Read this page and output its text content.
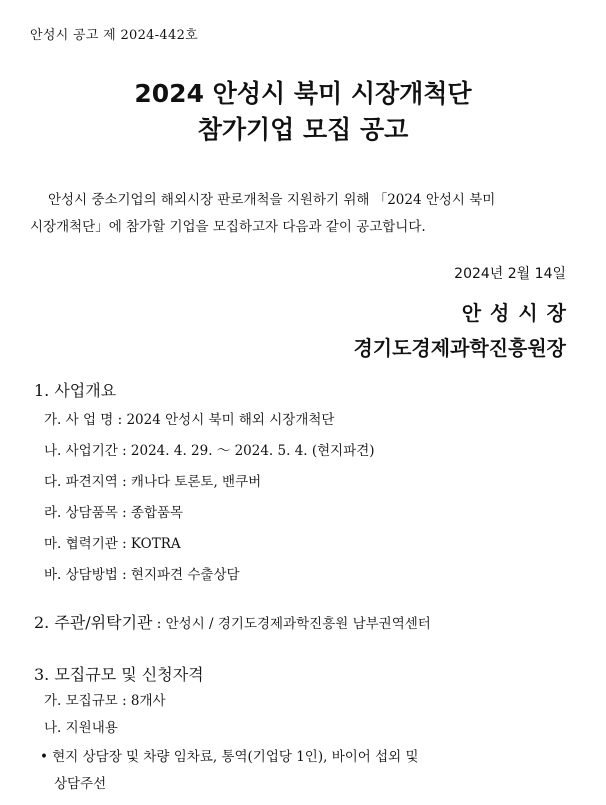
안성시 공고 제 2024-442호
2024 안성시 북미 시장개척단
참가기업 모집 공고
안성시 중소기업의 해외시장 판로개척을 지원하기 위해 「2024 안성시 북미
시장개척단」에 참가할 기업을 모집하고자 다음과 같이 공고합니다.
2024년 2월 14일
안성시장
경기도경제과학진흥원장
1. 사업개요
가. 사 업 명 : 2024 안성시 북미 해외 시장개척단
나. 사업기간 : 2024. 4. 29. ～ 2024. 5. 4. (현지파견)
다. 파견지역 : 캐나다 토론토, 밴쿠버
라. 상담품목 : 종합품목
마. 협력기관 : KOTRA
바. 상담방법 : 현지파견 수출상담
2. 주관/위탁기관 : 안성시 / 경기도경제과학진흥원 남부권역센터
3. 모집규모 및 신청자격
가. 모집규모 : 8개사
나. 지원내용
• 현지 상담장 및 차량 임차료, 통역(기업당 1인), 바이어 섭외 및
상담주선
